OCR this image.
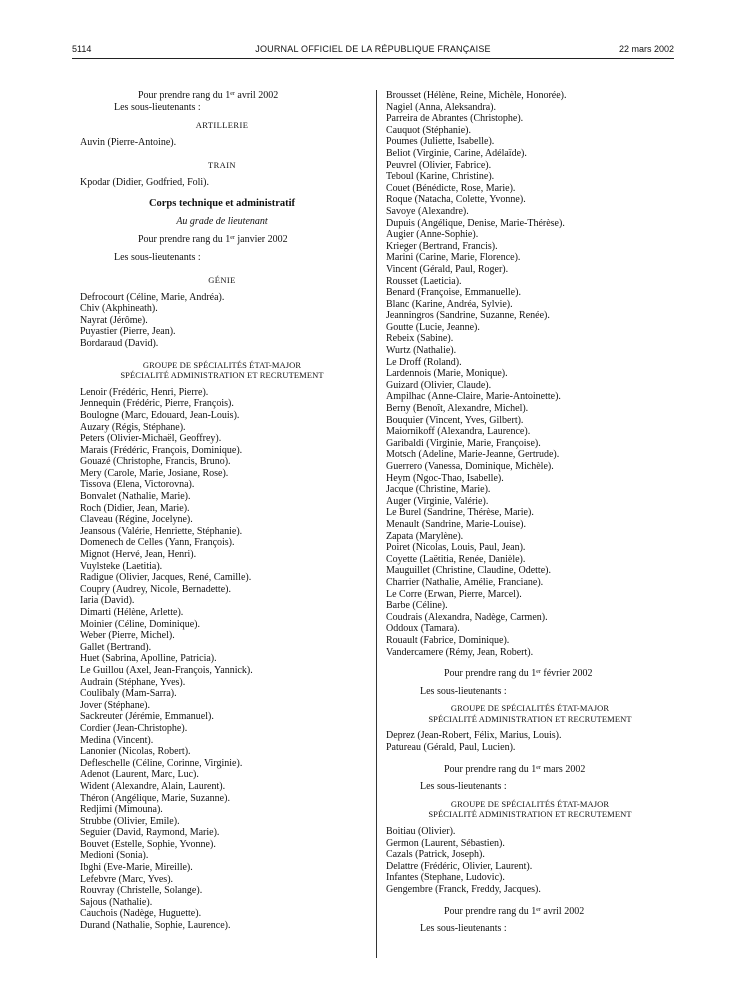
5114	JOURNAL OFFICIEL DE LA RÉPUBLIQUE FRANÇAISE	22 mars 2002
Pour prendre rang du 1er avril 2002
Les sous-lieutenants :
ARTILLERIE
Auvin (Pierre-Antoine).
TRAIN
Kpodar (Didier, Godfried, Foli).
Corps technique et administratif
Au grade de lieutenant
Pour prendre rang du 1er janvier 2002
Les sous-lieutenants :
GÉNIE
Defrocourt (Céline, Marie, Andréa).
Chiv (Akphineath).
Nayrat (Jérôme).
Puyastier (Pierre, Jean).
Bordaraud (David).
GROUPE DE SPÉCIALITÉS ÉTAT-MAJOR
SPÉCIALITÉ ADMINISTRATION ET RECRUTEMENT
Lenoir (Frédéric, Henri, Pierre).
Jennequin (Frédéric, Pierre, François).
Boulogne (Marc, Edouard, Jean-Louis).
Auzary (Régis, Stéphane).
Peters (Olivier-Michaël, Geoffrey).
Marais (Frédéric, François, Dominique).
Gouazé (Christophe, Francis, Bruno).
Mery (Carole, Marie, Josiane, Rose).
Tissova (Elena, Victorovna).
Bonvalet (Nathalie, Marie).
Roch (Didier, Jean, Marie).
Claveau (Régine, Jocelyne).
Jeansous (Valérie, Henriette, Stéphanie).
Domenech de Celles (Yann, François).
Mignot (Hervé, Jean, Henri).
Vuylsteke (Laetitia).
Radigue (Olivier, Jacques, René, Camille).
Coupry (Audrey, Nicole, Bernadette).
Iaria (David).
Dimarti (Hélène, Arlette).
Moinier (Céline, Dominique).
Weber (Pierre, Michel).
Gallet (Bertrand).
Huet (Sabrina, Apolline, Patricia).
Le Guillou (Axel, Jean-François, Yannick).
Audrain (Stéphane, Yves).
Coulibaly (Mam-Sarra).
Jover (Stéphane).
Sackreuter (Jérémie, Emmanuel).
Cordier (Jean-Christophe).
Medina (Vincent).
Lanonier (Nicolas, Robert).
Defleschelle (Céline, Corinne, Virginie).
Adenot (Laurent, Marc, Luc).
Wident (Alexandre, Alain, Laurent).
Théron (Angélique, Marie, Suzanne).
Redjimi (Mimouna).
Strubbe (Olivier, Emile).
Seguier (David, Raymond, Marie).
Bouvet (Estelle, Sophie, Yvonne).
Medioni (Sonia).
Ibghi (Eve-Marie, Mireille).
Lefebvre (Marc, Yves).
Rouvray (Christelle, Solange).
Sajous (Nathalie).
Cauchois (Nadège, Huguette).
Durand (Nathalie, Sophie, Laurence).
Brousset (Hélène, Reine, Michèle, Honorée).
Nagiel (Anna, Aleksandra).
Parreira de Abrantes (Christophe).
Cauquot (Stéphanie).
Poumes (Juliette, Isabelle).
Beliot (Virginie, Carine, Adélaïde).
Peuvrel (Olivier, Fabrice).
Teboul (Karine, Christine).
Couet (Bénédicte, Rose, Marie).
Roque (Natacha, Colette, Yvonne).
Savoye (Alexandre).
Dupuis (Angélique, Denise, Marie-Thérèse).
Augier (Anne-Sophie).
Krieger (Bertrand, Francis).
Marini (Carine, Marie, Florence).
Vincent (Gérald, Paul, Roger).
Rousset (Laeticia).
Benard (Françoise, Emmanuelle).
Blanc (Karine, Andréa, Sylvie).
Jeanningros (Sandrine, Suzanne, Renée).
Goutte (Lucie, Jeanne).
Rebeix (Sabine).
Wurtz (Nathalie).
Le Droff (Roland).
Lardennois (Marie, Monique).
Guizard (Olivier, Claude).
Ampilhac (Anne-Claire, Marie-Antoinette).
Berny (Benoît, Alexandre, Michel).
Bouquier (Vincent, Yves, Gilbert).
Maiornikoff (Alexandra, Laurence).
Garibaldi (Virginie, Marie, Françoise).
Motsch (Adeline, Marie-Jeanne, Gertrude).
Guerrero (Vanessa, Dominique, Michèle).
Heym (Ngoc-Thao, Isabelle).
Jacque (Christine, Marie).
Auger (Virginie, Valérie).
Le Burel (Sandrine, Thérèse, Marie).
Menault (Sandrine, Marie-Louise).
Zapata (Marylène).
Poiret (Nicolas, Louis, Paul, Jean).
Coyette (Laëtitia, Renée, Danièle).
Mauguillet (Christine, Claudine, Odette).
Charrier (Nathalie, Amélie, Franciane).
Le Corre (Erwan, Pierre, Marcel).
Barbe (Céline).
Coudrais (Alexandra, Nadège, Carmen).
Oddoux (Tamara).
Rouault (Fabrice, Dominique).
Vandercamere (Rémy, Jean, Robert).
Pour prendre rang du 1er février 2002
Les sous-lieutenants :
GROUPE DE SPÉCIALITÉS ÉTAT-MAJOR
SPÉCIALITÉ ADMINISTRATION ET RECRUTEMENT
Deprez (Jean-Robert, Félix, Marius, Louis).
Patureau (Gérald, Paul, Lucien).
Pour prendre rang du 1er mars 2002
Les sous-lieutenants :
GROUPE DE SPÉCIALITÉS ÉTAT-MAJOR
SPÉCIALITÉ ADMINISTRATION ET RECRUTEMENT
Boitiau (Olivier).
Germon (Laurent, Sébastien).
Cazals (Patrick, Joseph).
Delattre (Frédéric, Olivier, Laurent).
Infantes (Stephane, Ludovic).
Gengembre (Franck, Freddy, Jacques).
Pour prendre rang du 1er avril 2002
Les sous-lieutenants :
